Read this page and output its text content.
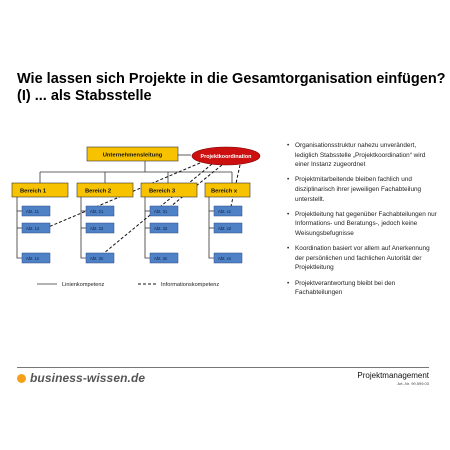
Wie lassen sich Projekte in die Gesamtorganisation einfügen?
(I) ... als Stabsstelle
Unternehmensleitung	Projektkoordination
Bereich 1	Bereich 2	Bereich 3	Bereich x
Abt. 11
Abt. 12
Abt. 1n
Abt. 21
Abt. 22
Abt. 2n
Abt. 31
Abt. 32
Abt. 3n
Abt. x1
Abt. x2
Abt. xn
Linienkompetenz	Informationskompetenz
• Organisationsstruktur nahezu unverändert, lediglich Stabsstelle „Projektkoordination“ wird einer Instanz zugeordnet
• Projektmitarbeitende bleiben fachlich und disziplinarisch ihrer jeweiligen Fachabteilung unterstellt.
• Projektleitung hat gegenüber Fachabteilungen nur Informations- und Beratungs-, jedoch keine Weisungsbefugnisse
• Koordination basiert vor allem auf Anerkennung der persönlichen und fachlichen Autorität der Projektleitung
• Projektverantwortung bleibt bei den Fachabteilungen
business-wissen.de	Projektmanagement
Art.-Nr. 99.599.03
